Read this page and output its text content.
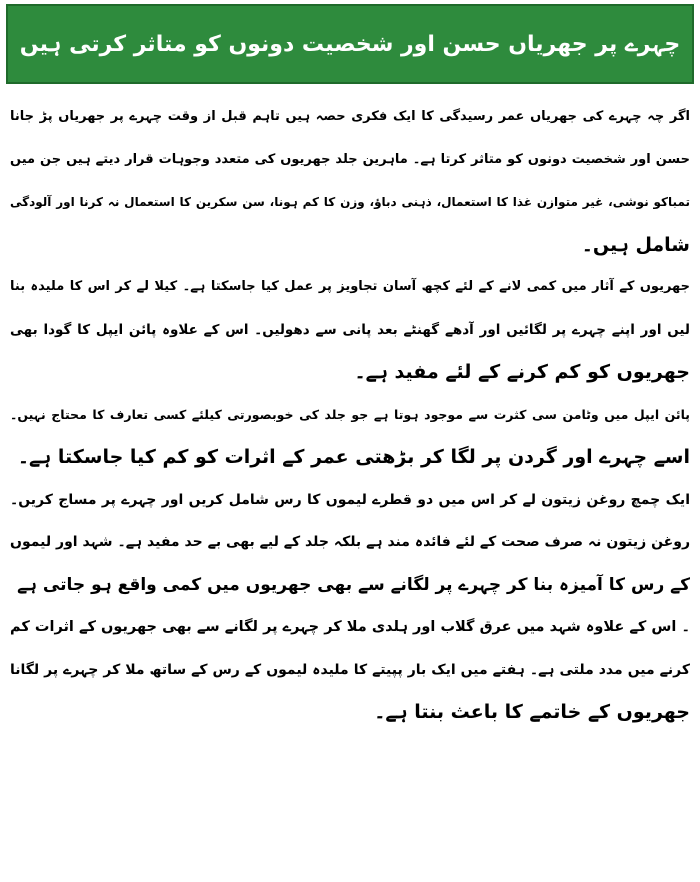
چہرے پر جھریاں حسن اور شخصیت دونوں کو متاثر کرتی ہیں
اگر چہ چہرے کی جھریاں عمر رسیدگی کا ایک فکری حصہ ہیں تاہم قبل از وقت چہرے پر جھریاں پڑ جانا
حسن اور شخصیت دونوں کو متاثر کرتا ہے۔ ماہرین جلد جھریوں کی متعدد وجوہات قرار دیتے ہیں جن میں
تمباکو نوشی، غیر متوازن غذا کا استعمال، ذہنی دباؤ، وزن کا کم ہونا، سن سکرین کا استعمال نہ کرنا اور آلودگی
شامل ہیں۔
جھریوں کے آثار میں کمی لانے کے لئے کچھ آسان تجاویز پر عمل کیا جاسکتا ہے۔ کیلا لے کر اس کا ملیدہ بنا
لیں اور اپنے چہرے پر لگائیں اور آدھے گھنٹے بعد پانی سے دھولیں۔ اس کے علاوہ پائن ایپل کا گودا بھی
جھریوں کو کم کرنے کے لئے مفید ہے۔
پائن ایپل میں وٹامن سی کثرت سے موجود ہوتا ہے جو جلد کی خوبصورتی کیلئے کسی تعارف کا محتاج نہیں۔
اسے چہرے اور گردن پر لگا کر بڑھتی عمر کے اثرات کو کم کیا جاسکتا ہے۔
ایک چمچ روغن زیتون لے کر اس میں دو قطرے لیموں کا رس شامل کریں اور چہرے پر مساج کریں۔
روغن زیتون نہ صرف صحت کے لئے فائدہ مند ہے بلکہ جلد کے لیے بھی بے حد مفید ہے۔ شہد اور لیموں
کے رس کا آمیزہ بنا کر چہرے پر لگانے سے بھی جھریوں میں کمی واقع ہو جاتی ہے
۔ اس کے علاوہ شہد میں عرق گلاب اور ہلدی ملا کر چہرے پر لگانے سے بھی جھریوں کے اثرات کم
کرنے میں مدد ملتی ہے۔ ہفتے میں ایک بار پپیتے کا ملیدہ لیموں کے رس کے ساتھ ملا کر چہرے پر لگانا
جھریوں کے خاتمے کا باعث بنتا ہے۔
